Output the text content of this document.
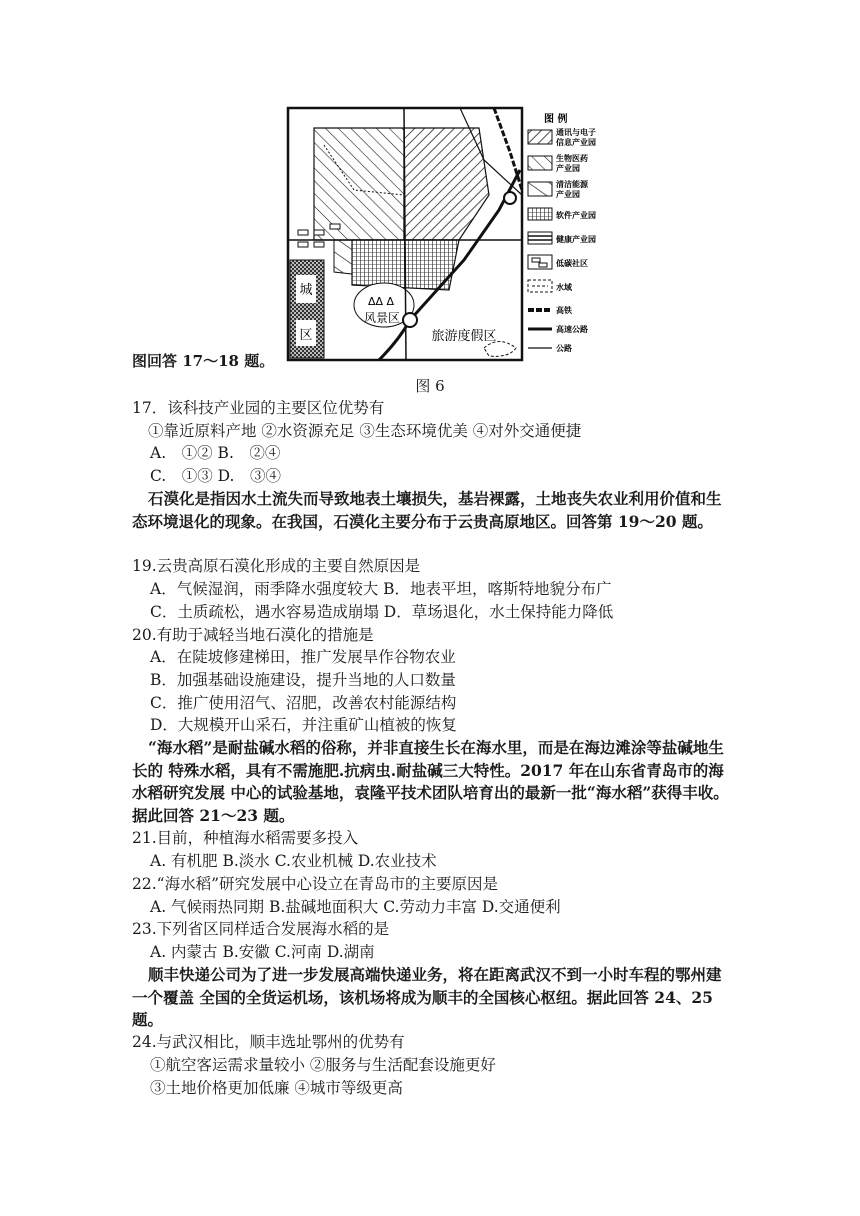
城
区
ΔΔ Δ
风景区
旅游度假区
图 例
通讯与电子
信息产业园
生物医药
产业园
清洁能源
产业园
软件产业园
健康产业园
低碳社区
水域
高铁
高速公路
公路
图回答 17～18 题。
图 6
17．该科技产业园的主要区位优势有
①靠近原料产地 ②水资源充足 ③生态环境优美 ④对外交通便捷
A.　①② B.　②④
C.　①③ D.　③④
石漠化是指因水土流失而导致地表土壤损失，基岩裸露，土地丧失农业利用价值和生态环境退化的现象。在我国，石漠化主要分布于云贵高原地区。回答第 19～20 题。
19.云贵高原石漠化形成的主要自然原因是
A．气候湿润，雨季降水强度较大 B．地表平坦，喀斯特地貌分布广
C．土质疏松，遇水容易造成崩塌 D．草场退化，水土保持能力降低
20.有助于减轻当地石漠化的措施是
A．在陡坡修建梯田，推广发展旱作谷物农业
B．加强基础设施建设，提升当地的人口数量
C．推广使用沼气、沼肥，改善农村能源结构
D．大规模开山采石，并注重矿山植被的恢复
“海水稻”是耐盐碱水稻的俗称，并非直接生长在海水里，而是在海边滩涂等盐碱地生长的 特殊水稻，具有不需施肥.抗病虫.耐盐碱三大特性。2017 年在山东省青岛市的海水稻研究发展 中心的试验基地，袁隆平技术团队培育出的最新一批“海水稻”获得丰收。据此回答 21～23 题。
21.目前，种植海水稻需要多投入
A. 有机肥 B.淡水 C.农业机械 D.农业技术
22.“海水稻”研究发展中心设立在青岛市的主要原因是
A. 气候雨热同期 B.盐碱地面积大 C.劳动力丰富 D.交通便利
23.下列省区同样适合发展海水稻的是
A. 内蒙古 B.安徽 C.河南 D.湖南
顺丰快递公司为了进一步发展高端快递业务，将在距离武汉不到一小时车程的鄂州建一个覆盖 全国的全货运机场，该机场将成为顺丰的全国核心枢纽。据此回答 24、25 题。
24.与武汉相比，顺丰选址鄂州的优势有
①航空客运需求量较小 ②服务与生活配套设施更好
③土地价格更加低廉 ④城市等级更高
